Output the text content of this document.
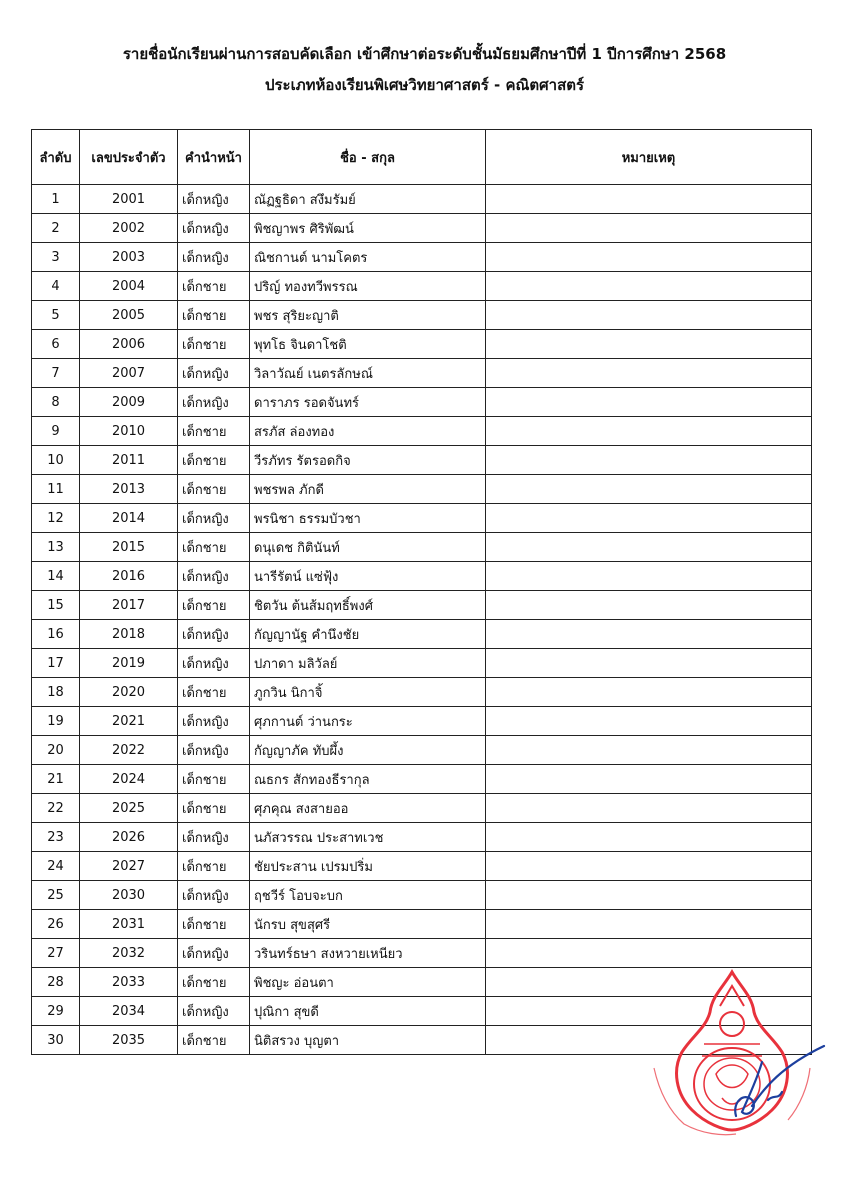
รายชื่อนักเรียนผ่านการสอบคัดเลือก เข้าศึกษาต่อระดับชั้นมัธยมศึกษาปีที่ 1 ปีการศึกษา 2568
ประเภทห้องเรียนพิเศษวิทยาศาสตร์ - คณิตศาสตร์
ลำดับ	เลขประจำตัว	คำนำหน้า	ชื่อ - สกุล	หมายเหตุ
1	2001	เด็กหญิง	ณัฏฐธิดา สงึมรัมย์	
2	2002	เด็กหญิง	พิชญาพร ศิริพัฒน์	
3	2003	เด็กหญิง	ณิชกานต์ นามโคตร	
4	2004	เด็กชาย	ปริญ์ ทองทวีพรรณ	
5	2005	เด็กชาย	พชร สุริยะญาติ	
6	2006	เด็กชาย	พุทโธ จินดาโชติ	
7	2007	เด็กหญิง	วิลาวัณย์ เนตรลักษณ์	
8	2009	เด็กหญิง	ดาราภร รอดจันทร์	
9	2010	เด็กชาย	สรภัส ล่องทอง	
10	2011	เด็กชาย	วีรภัทร รัตรอดกิจ	
11	2013	เด็กชาย	พชรพล ภักดี	
12	2014	เด็กหญิง	พรนิชา ธรรมบัวชา	
13	2015	เด็กชาย	ดนุเดช กิตินันท์	
14	2016	เด็กหญิง	นารีรัตน์ แซ่ฟุ้ง	
15	2017	เด็กชาย	ชิตวัน ต้นส้มฤทธิ์พงศ์	
16	2018	เด็กหญิง	กัญญานัฐ คำนึงชัย	
17	2019	เด็กหญิง	ปภาดา มลิวัลย์	
18	2020	เด็กชาย	ภูกวิน นิกาจิ้	
19	2021	เด็กหญิง	ศุภกานต์ ว่านกระ	
20	2022	เด็กหญิง	กัญญาภัค ทับผึ้ง	
21	2024	เด็กชาย	ณธกร สักทองธีรากุล	
22	2025	เด็กชาย	ศุภคุณ สงสายออ	
23	2026	เด็กหญิง	นภัสวรรณ ประสาทเวช	
24	2027	เด็กชาย	ชัยประสาน เปรมปริ่ม	
25	2030	เด็กหญิง	ฤชวีร์ โอบจะบก	
26	2031	เด็กชาย	นักรบ สุขสุศรี	
27	2032	เด็กหญิง	วรินทร์ธษา สงหวายเหนียว	
28	2033	เด็กชาย	พิชญะ อ่อนตา	
29	2034	เด็กหญิง	ปุณิกา สุขดี	
30	2035	เด็กชาย	นิติสรวง บุญตา	
